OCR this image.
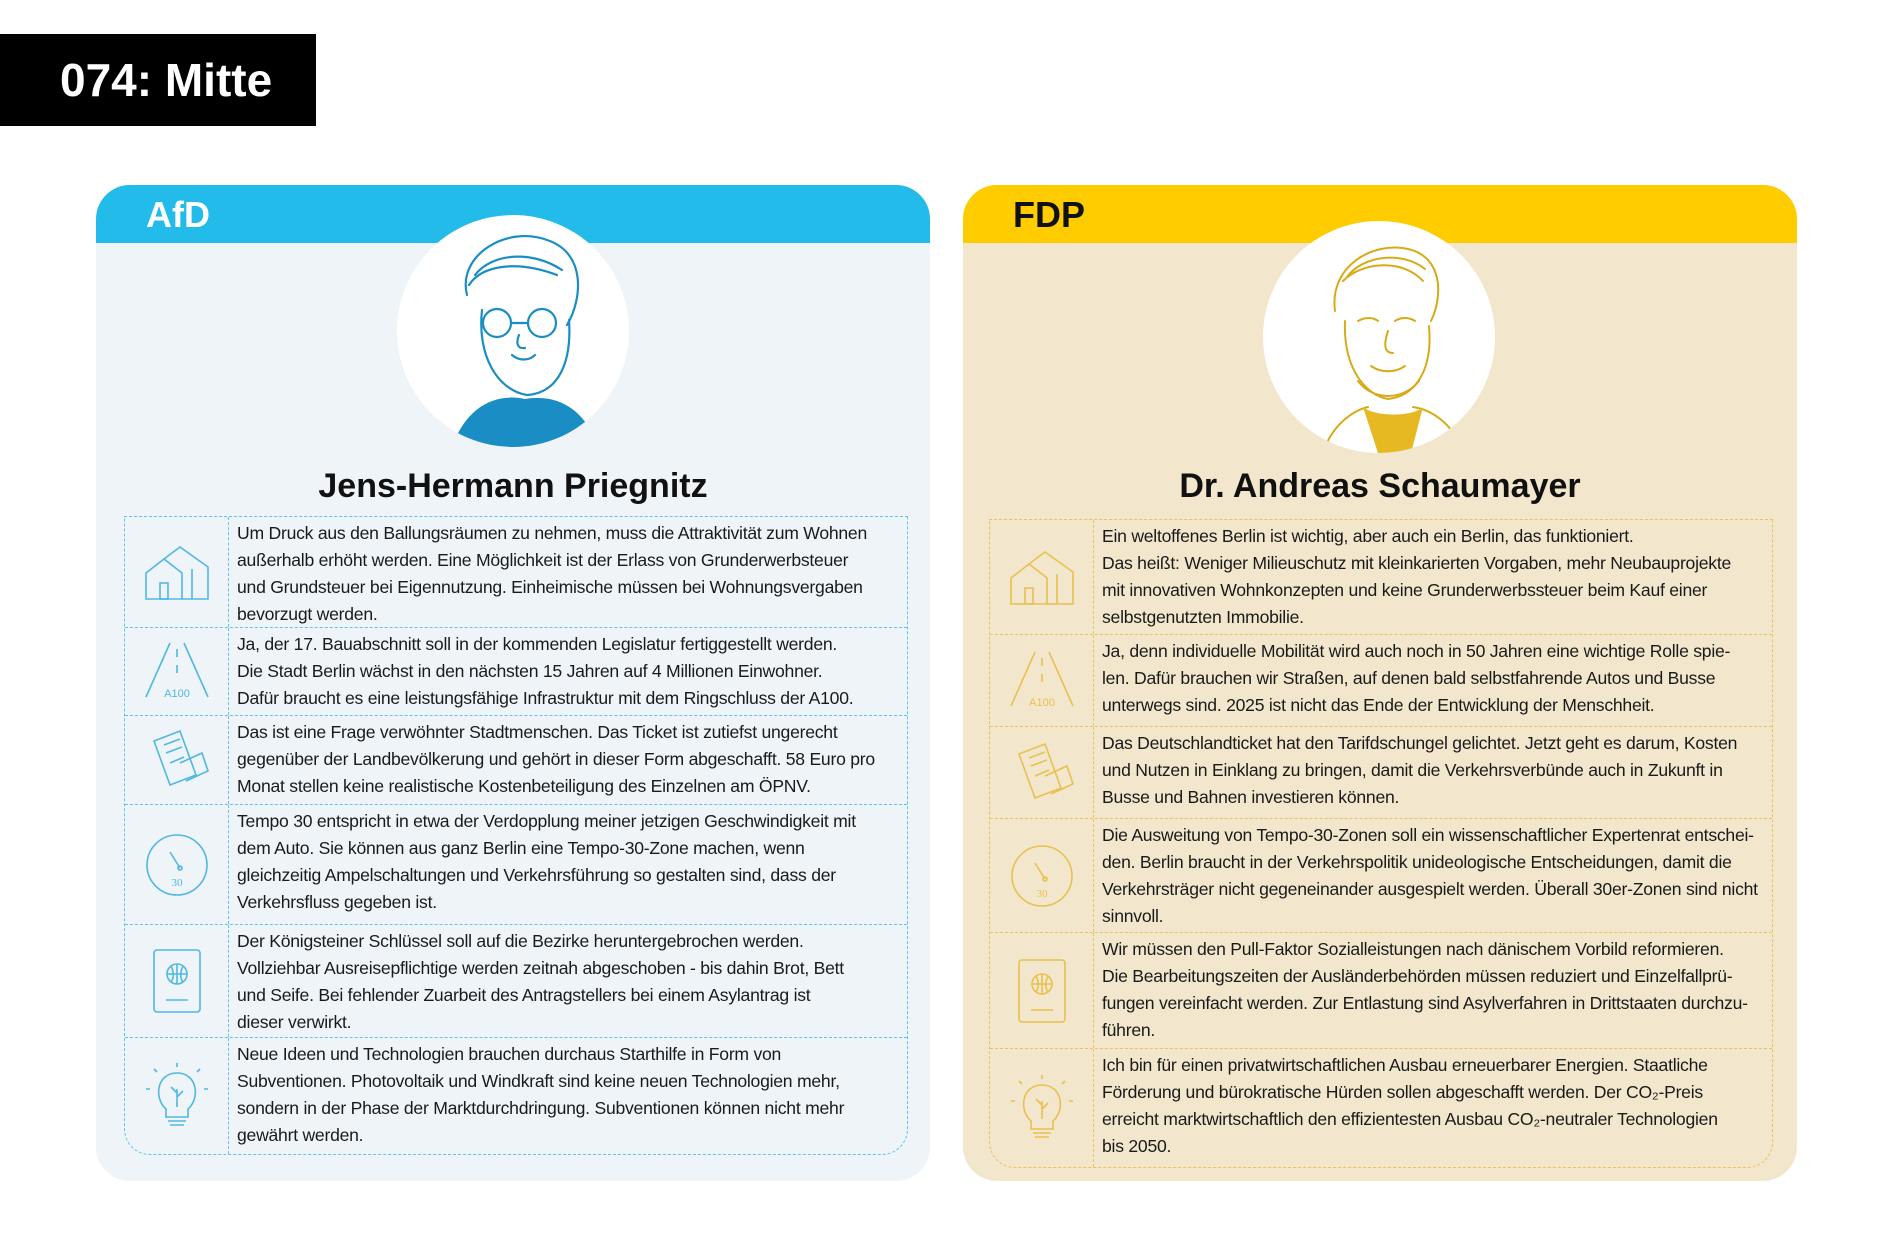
074: Mitte
AfD
Jens-Hermann Priegnitz
Um Druck aus den Ballungsräumen zu nehmen, muss die Attraktivität zum Wohnen
außerhalb erhöht werden. Eine Möglichkeit ist der Erlass von Grunderwerbsteuer
und Grundsteuer bei Eigennutzung. Einheimische müssen bei Wohnungsvergaben
bevorzugt werden.
A100
Ja, der 17. Bauabschnitt soll in der kommenden Legislatur fertiggestellt werden.
Die Stadt Berlin wächst in den nächsten 15 Jahren auf 4 Millionen Einwohner.
Dafür braucht es eine leistungsfähige Infrastruktur mit dem Ringschluss der A100.
Das ist eine Frage verwöhnter Stadtmenschen. Das Ticket ist zutiefst ungerecht
gegenüber der Landbevölkerung und gehört in dieser Form abgeschafft. 58 Euro pro
Monat stellen keine realistische Kostenbeteiligung des Einzelnen am ÖPNV.
30
Tempo 30 entspricht in etwa der Verdopplung meiner jetzigen Geschwindigkeit mit
dem Auto. Sie können aus ganz Berlin eine Tempo-30-Zone machen, wenn
gleichzeitig Ampelschaltungen und Verkehrsführung so gestalten sind, dass der
Verkehrsfluss gegeben ist.
Der Königsteiner Schlüssel soll auf die Bezirke heruntergebrochen werden.
Vollziehbar Ausreisepflichtige werden zeitnah abgeschoben - bis dahin Brot, Bett
und Seife. Bei fehlender Zuarbeit des Antragstellers bei einem Asylantrag ist
dieser verwirkt.
Neue Ideen und Technologien brauchen durchaus Starthilfe in Form von
Subventionen. Photovoltaik und Windkraft sind keine neuen Technologien mehr,
sondern in der Phase der Marktdurchdringung. Subventionen können nicht mehr
gewährt werden.
FDP
Dr. Andreas Schaumayer
Ein weltoffenes Berlin ist wichtig, aber auch ein Berlin, das funktioniert.
Das heißt: Weniger Milieuschutz mit kleinkarierten Vorgaben, mehr Neubauprojekte
mit innovativen Wohnkonzepten und keine Grunderwerbssteuer beim Kauf einer
selbstgenutzten Immobilie.
A100
Ja, denn individuelle Mobilität wird auch noch in 50 Jahren eine wichtige Rolle spie-
len. Dafür brauchen wir Straßen, auf denen bald selbstfahrende Autos und Busse
unterwegs sind. 2025 ist nicht das Ende der Entwicklung der Menschheit.
Das Deutschlandticket hat den Tarifdschungel gelichtet. Jetzt geht es darum, Kosten
und Nutzen in Einklang zu bringen, damit die Verkehrsverbünde auch in Zukunft in
Busse und Bahnen investieren können.
30
Die Ausweitung von Tempo-30-Zonen soll ein wissenschaftlicher Expertenrat entschei-
den. Berlin braucht in der Verkehrspolitik unideologische Entscheidungen, damit die
Verkehrsträger nicht gegeneinander ausgespielt werden. Überall 30er-Zonen sind nicht
sinnvoll.
Wir müssen den Pull-Faktor Sozialleistungen nach dänischem Vorbild reformieren.
Die Bearbeitungszeiten der Ausländerbehörden müssen reduziert und Einzelfallprü-
fungen vereinfacht werden. Zur Entlastung sind Asylverfahren in Drittstaaten durchzu-
führen.
Ich bin für einen privatwirtschaftlichen Ausbau erneuerbarer Energien. Staatliche
Förderung und bürokratische Hürden sollen abgeschafft werden. Der CO₂-Preis
erreicht marktwirtschaftlich den effizientesten Ausbau CO₂-neutraler Technologien
bis 2050.
